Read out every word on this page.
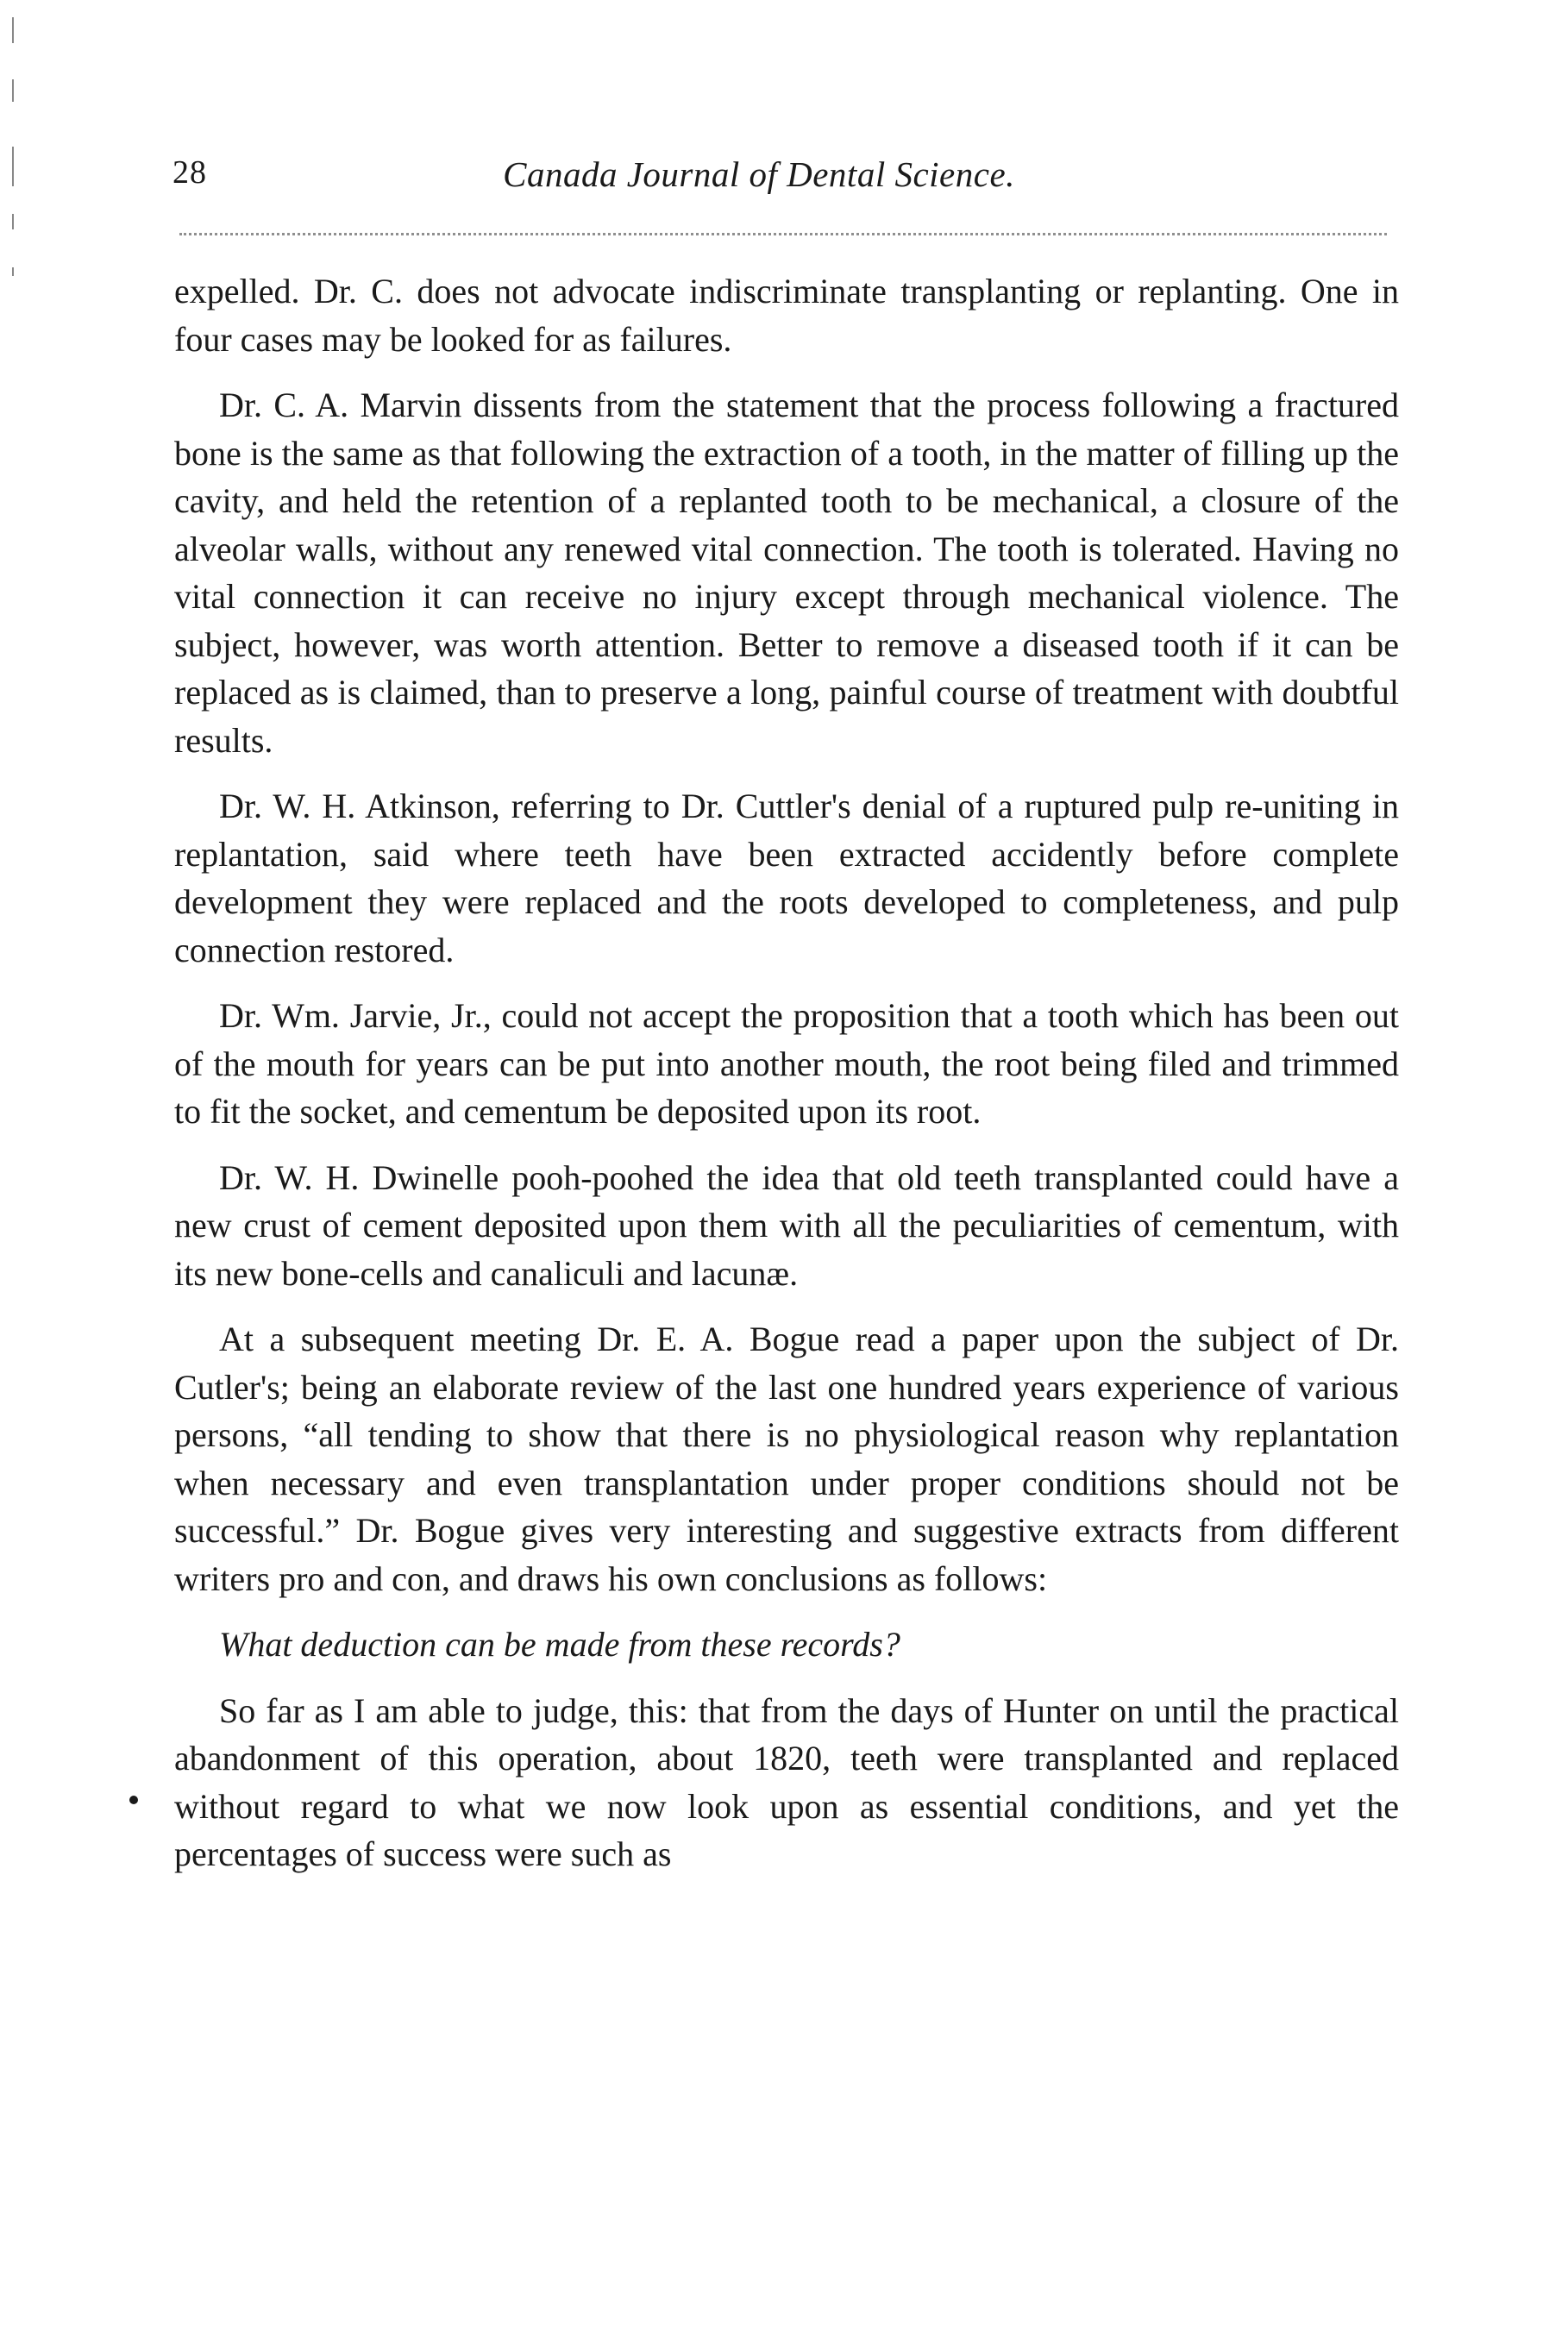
28	Canada Journal of Dental Science.

expelled. Dr. C. does not advocate indiscriminate transplanting or replanting. One in four cases may be looked for as failures.

Dr. C. A. Marvin dissents from the statement that the process following a fractured bone is the same as that following the extraction of a tooth, in the matter of filling up the cavity, and held the retention of a replanted tooth to be mechanical, a closure of the alveolar walls, without any renewed vital connection. The tooth is tolerated. Having no vital connection it can receive no injury except through mechanical violence. The subject, however, was worth attention. Better to remove a diseased tooth if it can be replaced as is claimed, than to preserve a long, painful course of treatment with doubtful results.

Dr. W. H. Atkinson, referring to Dr. Cuttler's denial of a ruptured pulp re-uniting in replantation, said where teeth have been extracted accidently before complete development they were replaced and the roots developed to completeness, and pulp connection restored.

Dr. Wm. Jarvie, Jr., could not accept the proposition that a tooth which has been out of the mouth for years can be put into another mouth, the root being filed and trimmed to fit the socket, and cementum be deposited upon its root.

Dr. W. H. Dwinelle pooh-poohed the idea that old teeth transplanted could have a new crust of cement deposited upon them with all the peculiarities of cementum, with its new bone-cells and canaliculi and lacunæ.

At a subsequent meeting Dr. E. A. Bogue read a paper upon the subject of Dr. Cutler's; being an elaborate review of the last one hundred years experience of various persons, “all tending to show that there is no physiological reason why replantation when necessary and even transplantation under proper conditions should not be successful.” Dr. Bogue gives very interesting and suggestive extracts from different writers pro and con, and draws his own conclusions as follows:

What deduction can be made from these records?

So far as I am able to judge, this: that from the days of Hunter on until the practical abandonment of this operation, about 1820, teeth were transplanted and replaced without regard to what we now look upon as essential conditions, and yet the percentages of success were such as
